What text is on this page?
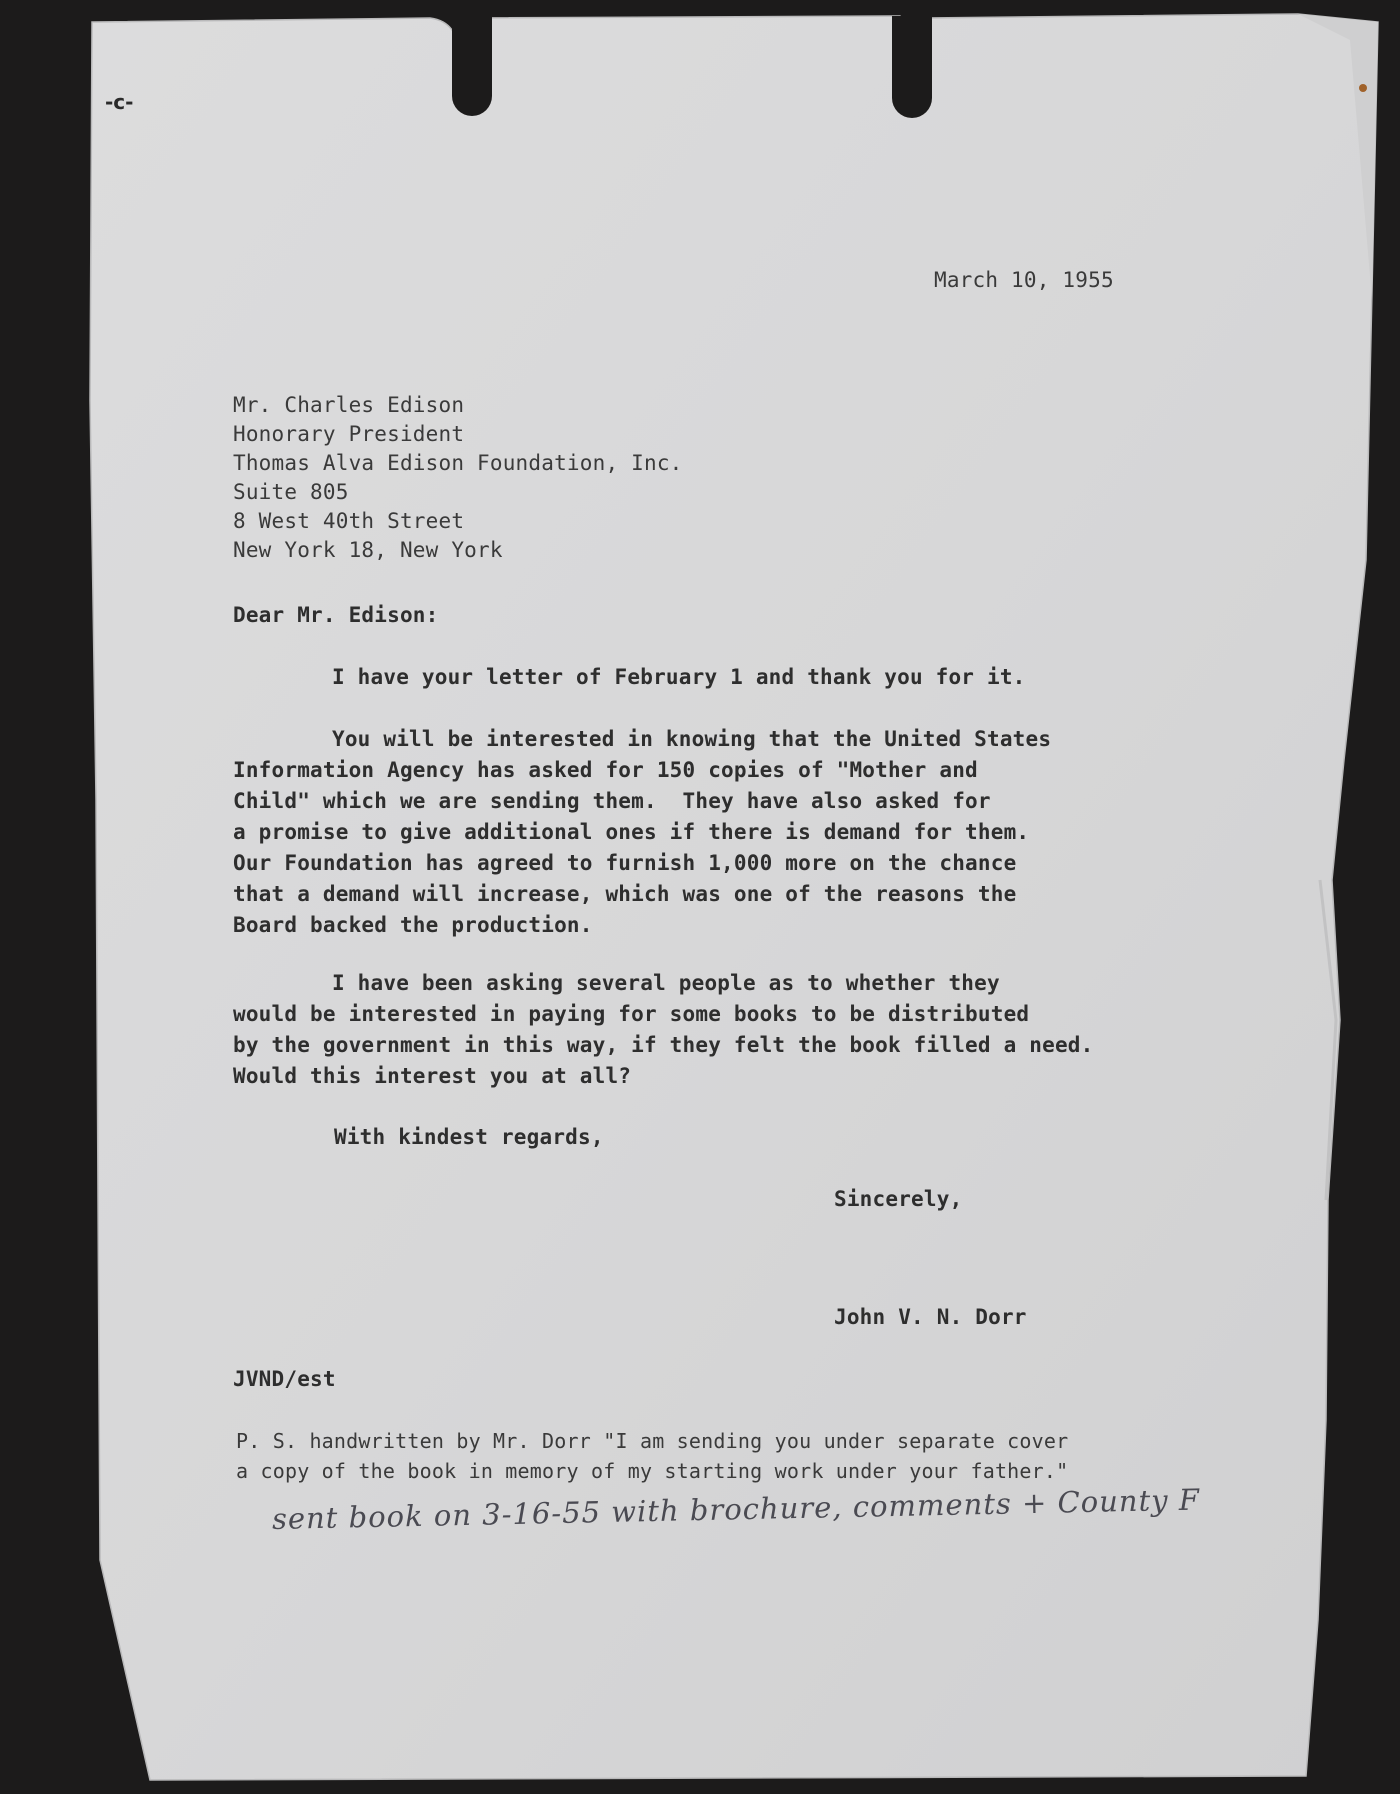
-c-
March 10, 1955
Mr. Charles Edison
Honorary President
Thomas Alva Edison Foundation, Inc.
Suite 805
8 West 40th Street
New York 18, New York
Dear Mr. Edison:
I have your letter of February 1 and thank you for it.
You will be interested in knowing that the United States
Information Agency has asked for 150 copies of "Mother and
Child" which we are sending them.  They have also asked for
a promise to give additional ones if there is demand for them.
Our Foundation has agreed to furnish 1,000 more on the chance
that a demand will increase, which was one of the reasons the
Board backed the production.
I have been asking several people as to whether they
would be interested in paying for some books to be distributed
by the government in this way, if they felt the book filled a need.
Would this interest you at all?
With kindest regards,
Sincerely,
John V. N. Dorr
JVND/est
P. S. handwritten by Mr. Dorr "I am sending you under separate cover
a copy of the book in memory of my starting work under your father."
sent book on 3-16-55 with brochure, comments + County F
